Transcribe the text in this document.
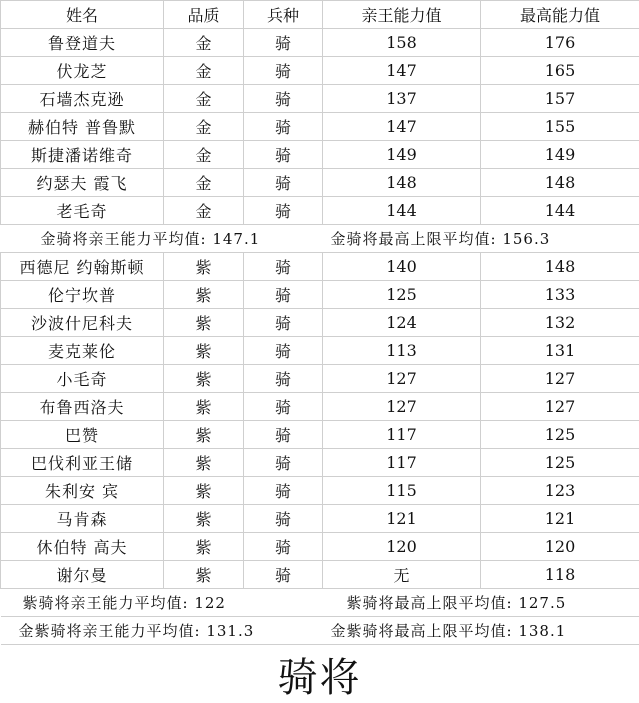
姓名	品质	兵种	亲王能力值	最高能力值
鲁登道夫	金	骑	158	176
伏龙芝	金	骑	147	165
石墙杰克逊	金	骑	137	157
赫伯特 普鲁默	金	骑	147	155
斯捷潘诺维奇	金	骑	149	149
约瑟夫 霞飞	金	骑	148	148
老毛奇	金	骑	144	144
金骑将亲王能力平均值: 147.1			金骑将最高上限平均值: 156.3	
西德尼 约翰斯顿	紫	骑	140	148
伦宁坎普	紫	骑	125	133
沙波什尼科夫	紫	骑	124	132
麦克莱伦	紫	骑	113	131
小毛奇	紫	骑	127	127
布鲁西洛夫	紫	骑	127	127
巴赞	紫	骑	117	125
巴伐利亚王储	紫	骑	117	125
朱利安 宾	紫	骑	115	123
马肯森	紫	骑	121	121
休伯特 高夫	紫	骑	120	120
谢尔曼	紫	骑	无	118
紫骑将亲王能力平均值: 122			紫骑将最高上限平均值: 127.5	
金紫骑将亲王能力平均值: 131.3			金紫骑将最高上限平均值: 138.1	
骑将
